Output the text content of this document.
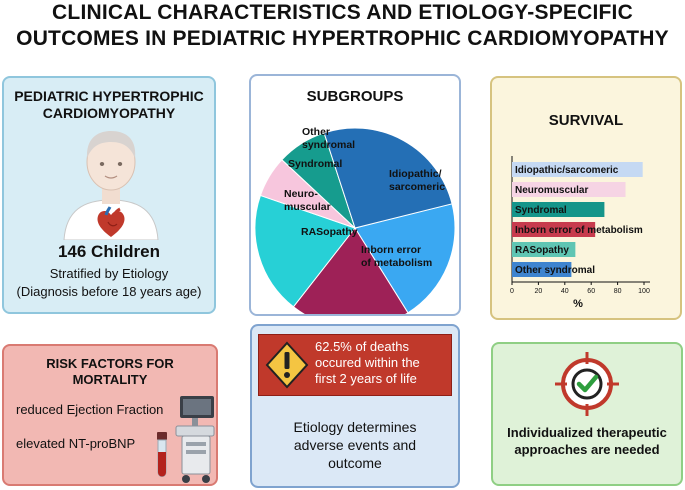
CLINICAL CHARACTERISTICS AND ETIOLOGY-SPECIFIC
OUTCOMES IN PEDIATRIC HYPERTROPHIC CARDIOMYOPATHY
PEDIATRIC HYPERTROPHIC
CARDIOMYOPATHY
146 Children
Stratified by Etiology
(Diagnosis before 18 years age)
SUBGROUPS
Idiopathic/ sarcomeric
Inborn error of metabolism
RASopathy
Neuro-muscular
Syndromal
Other syndromal
SURVIVAL
Idiopathic/sarcomeric
Neuromuscular
Syndromal
Inborn error of metabolism
RASopathy
Other syndromal
0	20	40	60	80 100
%
RISK FACTORS FOR
MORTALITY
reduced Ejection Fraction
elevated NT-proBNP
62.5% of deaths
occured within the
first 2 years of life
Etiology determines
adverse events and
outcome
Individualized therapeutic
approaches are needed
